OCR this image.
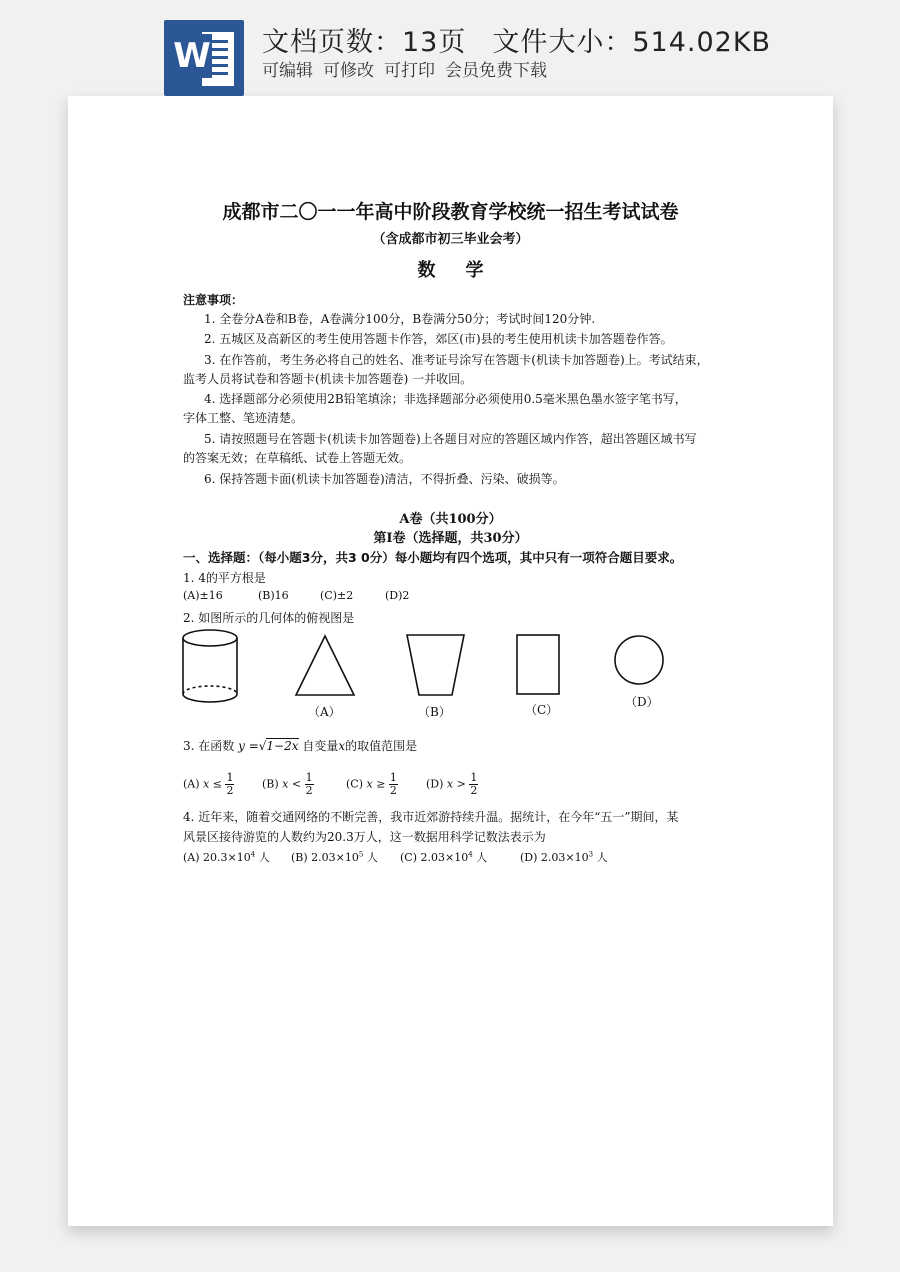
W 文档页数：13页 文件大小：514.02KB
可编辑 可修改 可打印 会员免费下载
成都市二〇一一年高中阶段教育学校统一招生考试试卷
（含成都市初三毕业会考）
数学
注意事项：
1. 全卷分A卷和B卷，A卷满分100分，B卷满分50分；考试时间120分钟.
2. 五城区及高新区的考生使用答题卡作答，郊区(市)县的考生使用机读卡加答题卷作答。
3. 在作答前，考生务必将自己的姓名、准考证号涂写在答题卡(机读卡加答题卷)上。考试结束，
监考人员将试卷和答题卡(机读卡加答题卷) 一并收回。
4. 选择题部分必须使用2B铅笔填涂；非选择题部分必须使用0.5毫米黑色墨水签字笔书写，
字体工整、笔迹清楚。
5. 请按照题号在答题卡(机读卡加答题卷)上各题目对应的答题区域内作答，超出答题区域书写
的答案无效；在草稿纸、试卷上答题无效。
6. 保持答题卡面(机读卡加答题卷)清洁，不得折叠、污染、破损等。
A卷（共100分）
第Ⅰ卷（选择题，共30分）
一、选择题：（每小题3分，共3 0分）每小题均有四个选项，其中只有一项符合题目要求。
1. 4的平方根是
(A)±16	(B)16	(C)±2	(D)2
2. 如图所示的几何体的俯视图是
（A）	（B）	（C）
（D）
3. 在函数 y =√1−2x 自变量x的取值范围是
(A) $x \le \frac{1}{2}$	(B) $x < \frac{1}{2}$	(C) $x \ge \frac{1}{2}$	(D) $x > \frac{1}{2}$
4. 近年来，随着交通网络的不断完善，我市近郊游持续升温。据统计，在今年“五一”期间，某
风景区接待游览的人数约为20.3万人，这一数据用科学记数法表示为
(A) $20.3\times 10^4$ 人 (B) $2.03\times 10^5$ 人 (C) $2.03\times 10^4$ 人	(D) $2.03\times 10^3$ 人
